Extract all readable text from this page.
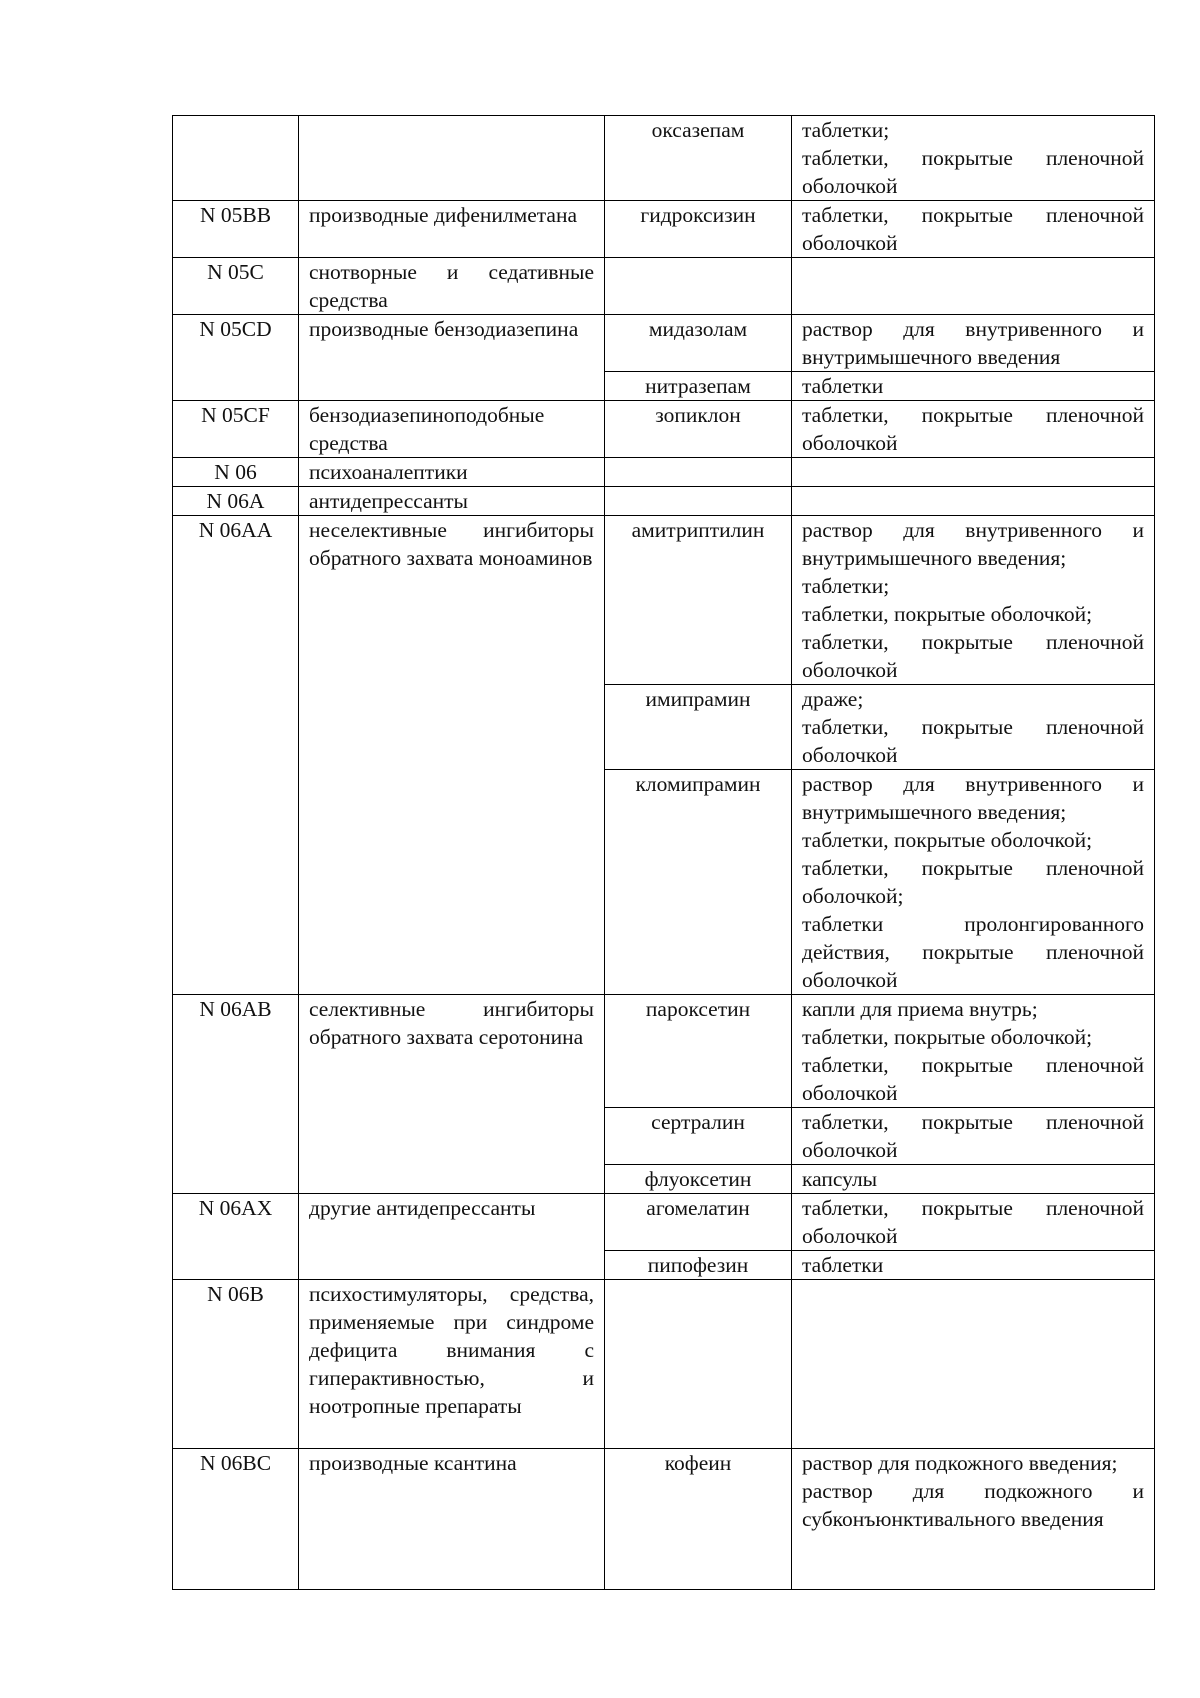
		оксазепам	таблетки;
таблетки, покрытые пленочной оболочкой

N 05BB	производные дифенилметана	гидроксизин	таблетки, покрытые пленочной оболочкой

N 05C	снотворные и седативные средства		
N 05CD	производные бензодиазепина	мидазолам	раствор для внутривенного и внутримышечного введения

		нитразепам	таблетки

N 05CF	бензодиазепиноподобные средства	зопиклон	таблетки, покрытые пленочной оболочкой

N 06	психоаналептики		
N 06A	антидепрессанты		
N 06AA	неселективные ингибиторы обратного захвата моноаминов	амитриптилин	раствор для внутривенного и внутримышечного введения;
таблетки;
таблетки, покрытые оболочкой;
таблетки, покрытые пленочной оболочкой

		имипрамин	драже;
таблетки, покрытые пленочной оболочкой

		кломипрамин	раствор для внутривенного и внутримышечного введения;
таблетки, покрытые оболочкой;
таблетки, покрытые пленочной оболочкой;
таблетки пролонгированного действия, покрытые пленочной оболочкой

N 06AB	селективные ингибиторы обратного захвата серотонина	пароксетин	капли для приема внутрь;
таблетки, покрытые оболочкой;
таблетки, покрытые пленочной оболочкой

		сертралин	таблетки, покрытые пленочной оболочкой

		флуоксетин	капсулы

N 06AX	другие антидепрессанты	агомелатин	таблетки, покрытые пленочной оболочкой

		пипофезин	таблетки

N 06B	психостимуляторы, средства, применяемые при синдроме дефицита внимания с гиперактивностью, и ноотропные препараты		
N 06BC	производные ксантина	кофеин	раствор для подкожного введения;
раствор для подкожного и субконъюнктивального введения
